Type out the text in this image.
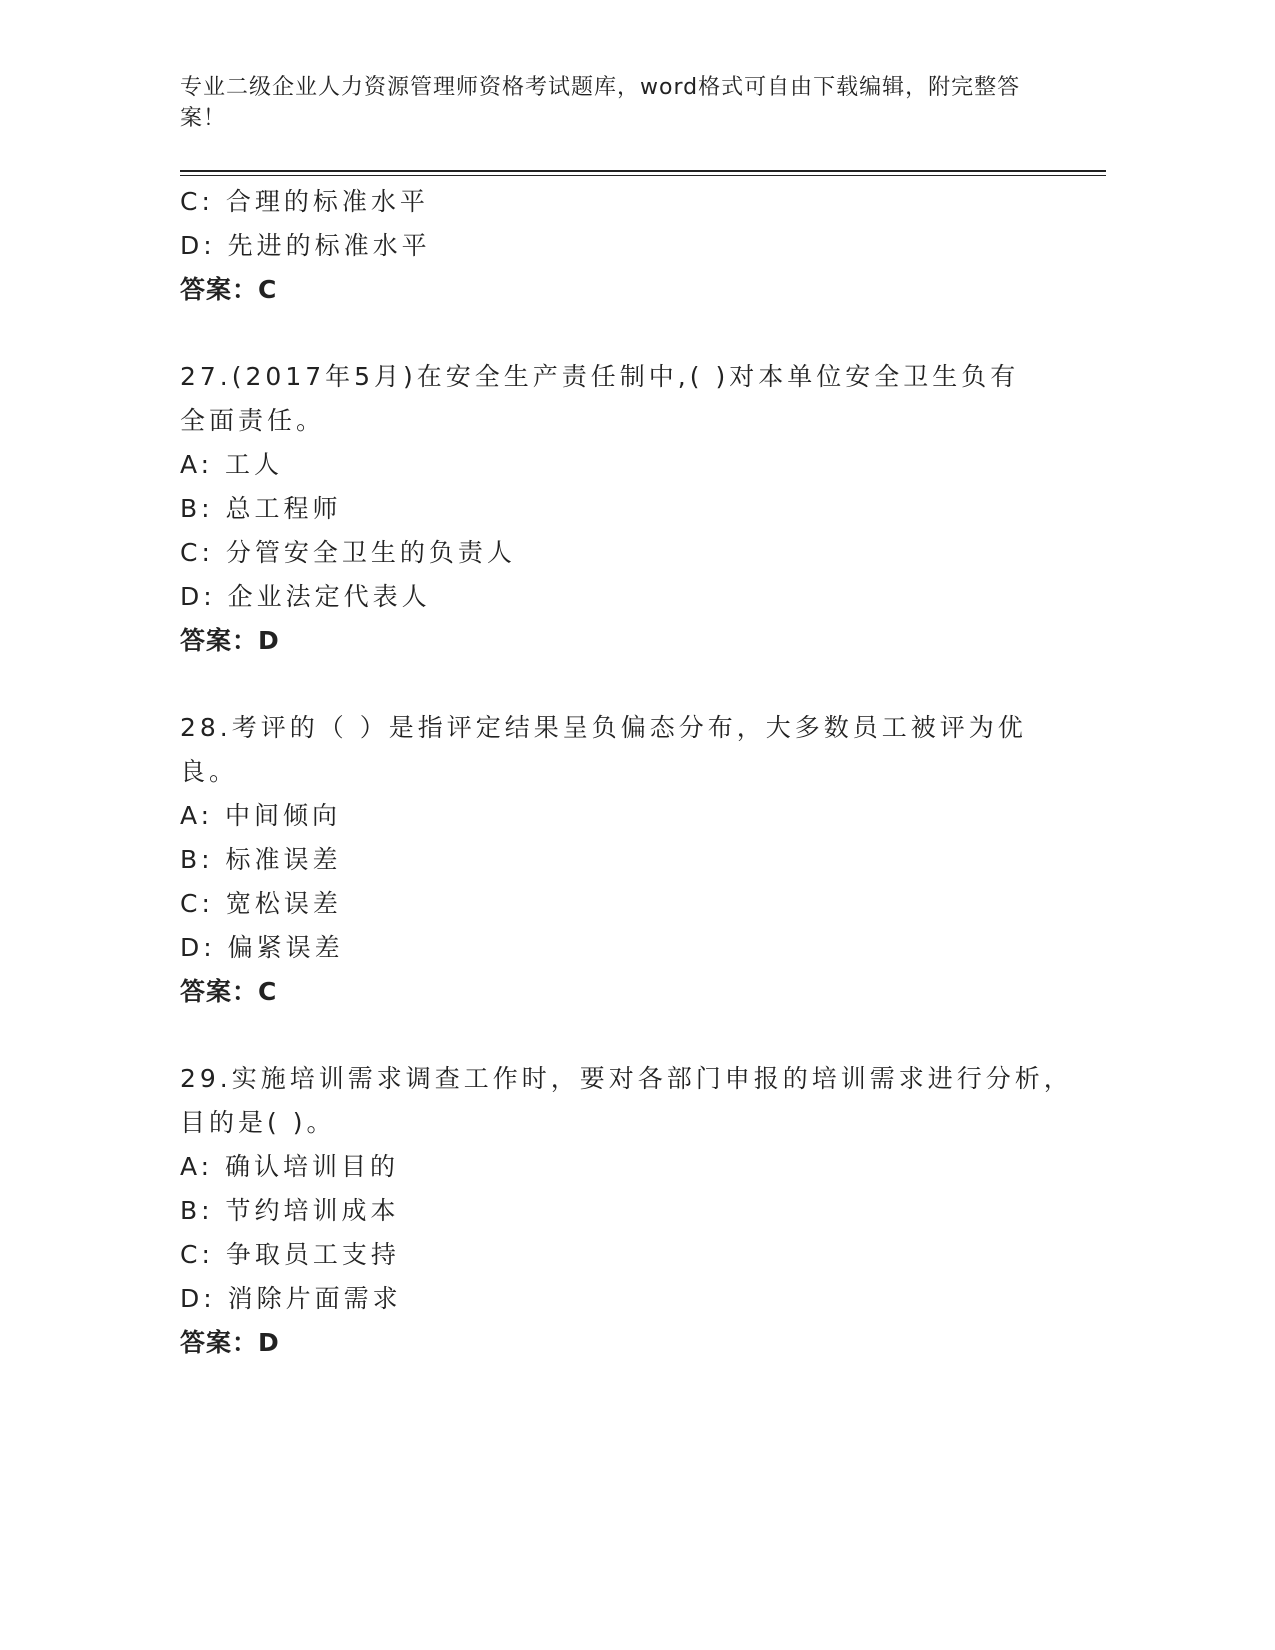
专业二级企业人力资源管理师资格考试题库，word格式可自由下载编辑，附完整答案！
C: 合理的标准水平
D: 先进的标准水平
答案：C
27.(2017年5月)在安全生产责任制中,( )对本单位安全卫生负有
全面责任。
A: 工人
B: 总工程师
C: 分管安全卫生的负责人
D: 企业法定代表人
答案：D
28.考评的（ ）是指评定结果呈负偏态分布，大多数员工被评为优
良。
A: 中间倾向
B: 标准误差
C: 宽松误差
D: 偏紧误差
答案：C
29.实施培训需求调查工作时，要对各部门申报的培训需求进行分析，
目的是( )。
A: 确认培训目的
B: 节约培训成本
C: 争取员工支持
D: 消除片面需求
答案：D
